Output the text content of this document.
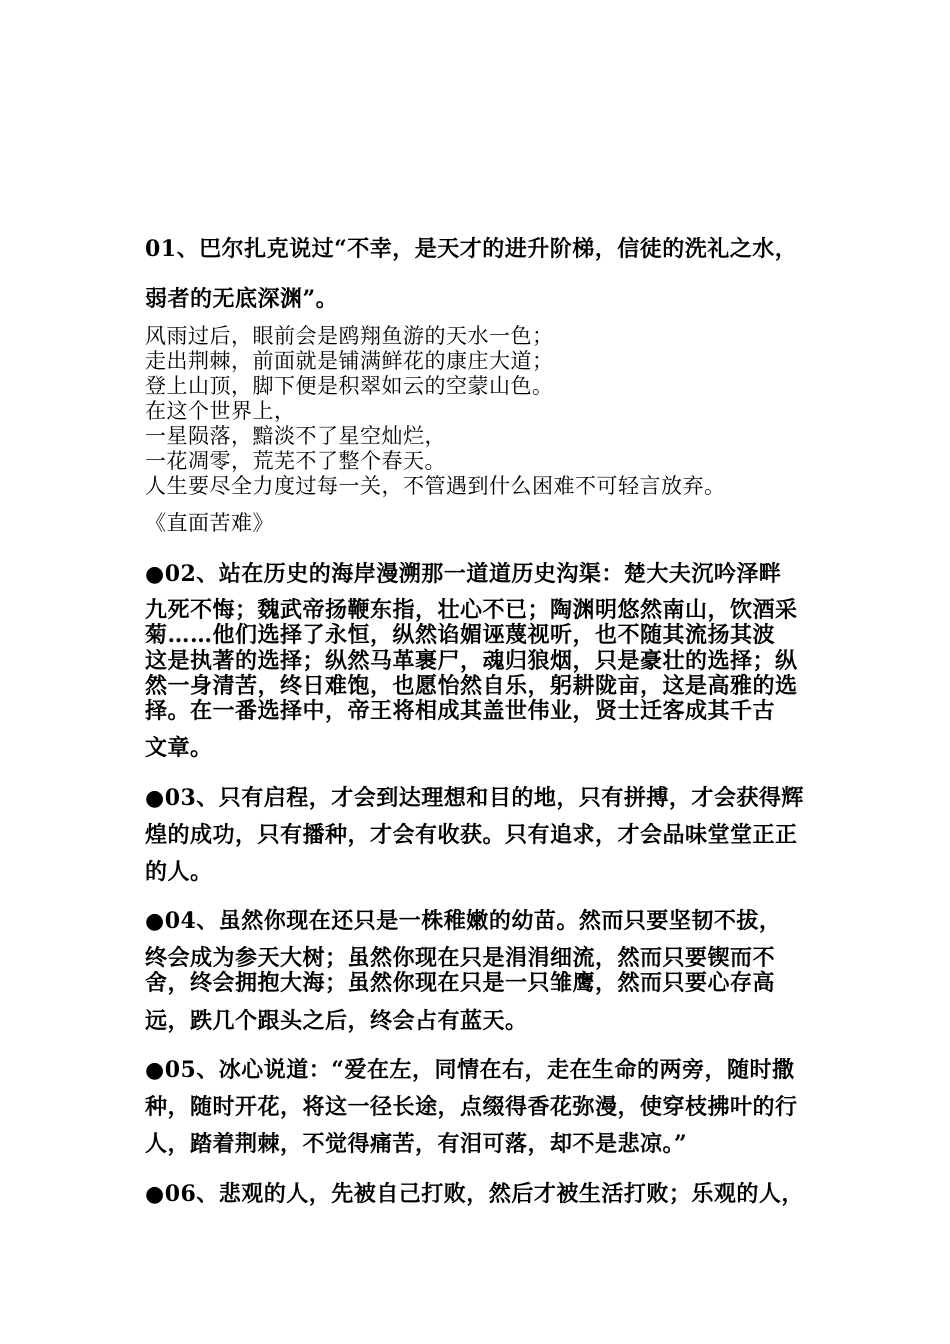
01、巴尔扎克说过“不幸，是天才的进升阶梯，信徒的洗礼之水，
弱者的无底深渊”。
风雨过后，眼前会是鸥翔鱼游的天水一色；
走出荆棘，前面就是铺满鲜花的康庄大道；
登上山顶，脚下便是积翠如云的空蒙山色。
在这个世界上，
一星陨落，黯淡不了星空灿烂，
一花凋零，荒芜不了整个春天。
人生要尽全力度过每一关，不管遇到什么困难不可轻言放弃。
《直面苦难》
●02、站在历史的海岸漫溯那一道道历史沟渠：楚大夫沉吟泽畔
九死不悔；魏武帝扬鞭东指，壮心不已；陶渊明悠然南山，饮酒采
菊……他们选择了永恒，纵然谄媚诬蔑视听，也不随其流扬其波
这是执著的选择；纵然马革裹尸，魂归狼烟，只是豪壮的选择；纵
然一身清苦，终日难饱，也愿怡然自乐，躬耕陇亩，这是高雅的选
择。在一番选择中，帝王将相成其盖世伟业，贤士迁客成其千古
文章。
●03、只有启程，才会到达理想和目的地，只有拼搏，才会获得辉
煌的成功，只有播种，才会有收获。只有追求，才会品味堂堂正正
的人。
●04、虽然你现在还只是一株稚嫩的幼苗。然而只要坚韧不拔，
终会成为参天大树；虽然你现在只是涓涓细流，然而只要锲而不
舍，终会拥抱大海；虽然你现在只是一只雏鹰，然而只要心存高
远，跌几个跟头之后，终会占有蓝天。
●05、冰心说道：“爱在左，同情在右，走在生命的两旁，随时撒
种，随时开花，将这一径长途，点缀得香花弥漫，使穿枝拂叶的行
人，踏着荆棘，不觉得痛苦，有泪可落，却不是悲凉。”
●06、悲观的人，先被自己打败，然后才被生活打败；乐观的人，
